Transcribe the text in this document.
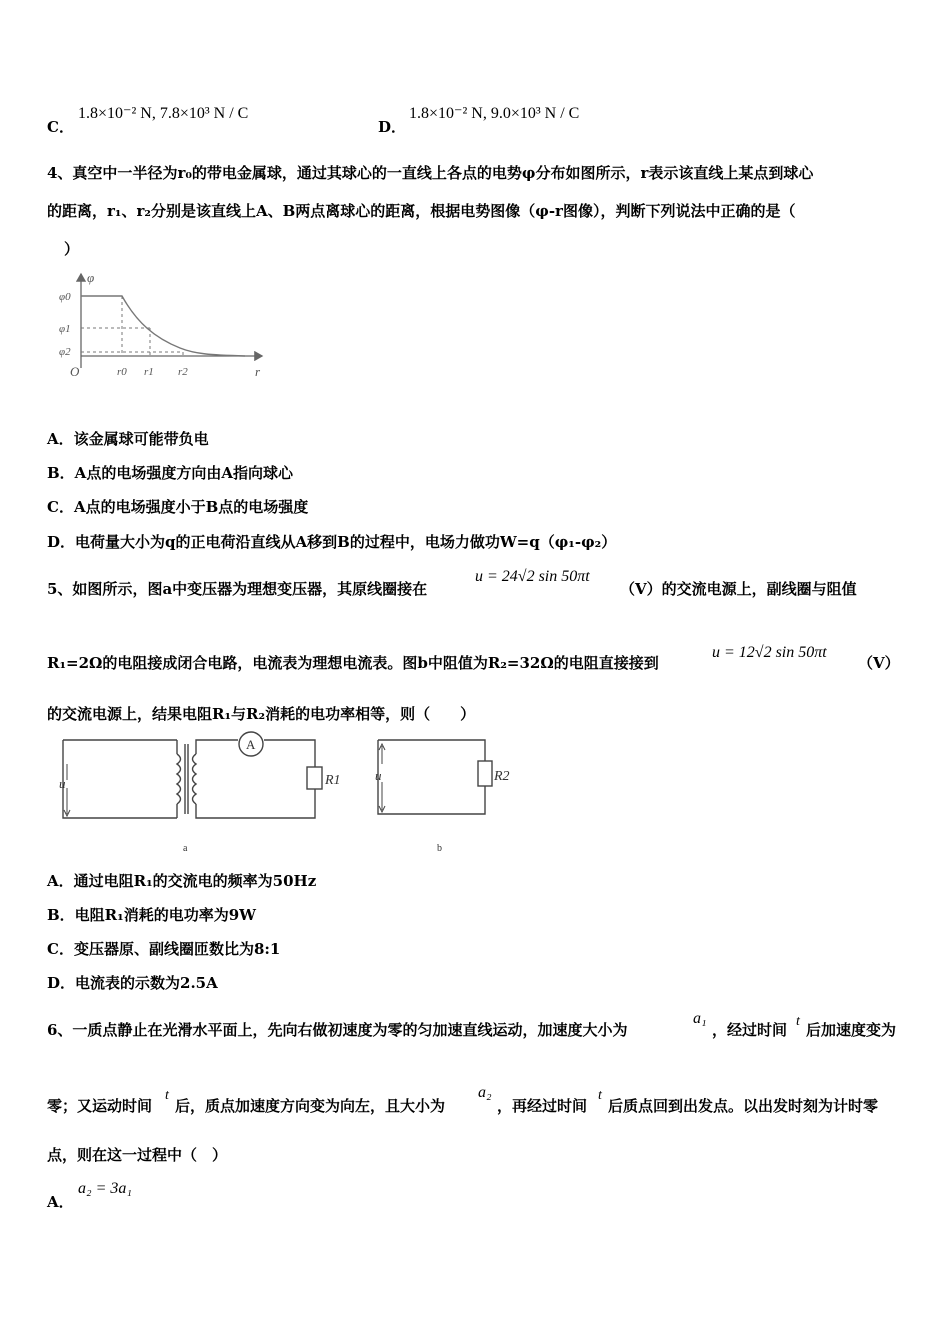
C．
1.8×10⁻² N, 7.8×10³ N / C
D．
1.8×10⁻² N, 9.0×10³ N / C
4、真空中一半径为r₀的带电金属球，通过其球心的一直线上各点的电势φ分布如图所示，r表示该直线上某点到球心
的距离，r₁、r₂分别是该直线上A、B两点离球心的距离，根据电势图像（φ-r图像），判断下列说法中正确的是（
）
φ
r
O
φ0
φ1
φ2
r0 r1 r2
A．该金属球可能带负电
B．A点的电场强度方向由A指向球心
C．A点的电场强度小于B点的电场强度
D．电荷量大小为q的正电荷沿直线从A移到B的过程中，电场力做功W=q（φ₁-φ₂）
5、如图所示，图a中变压器为理想变压器，其原线圈接在
u = 24√2 sin 50πt
（V）的交流电源上，副线圈与阻值
R₁=2Ω的电阻接成闭合电路，电流表为理想电流表。图b中阻值为R₂=32Ω的电阻直接接到
u = 12√2 sin 50πt
（V）
的交流电源上，结果电阻R₁与R₂消耗的电功率相等，则（　　）
A
u	R1
a
u	R2
b
A．通过电阻R₁的交流电的频率为50Hz
B．电阻R₁消耗的电功率为9W
C．变压器原、副线圈匝数比为8:1
D．电流表的示数为2.5A
6、一质点静止在光滑水平面上，先向右做初速度为零的匀加速直线运动，加速度大小为
a₁
，经过时间 t 后加速度变为
零；又运动时间
t
后，质点加速度方向变为向左，且大小为
a₂
，再经过时间
t
后质点回到出发点。以出发时刻为计时零
点，则在这一过程中（　）
A．
a₂ = 3a₁
